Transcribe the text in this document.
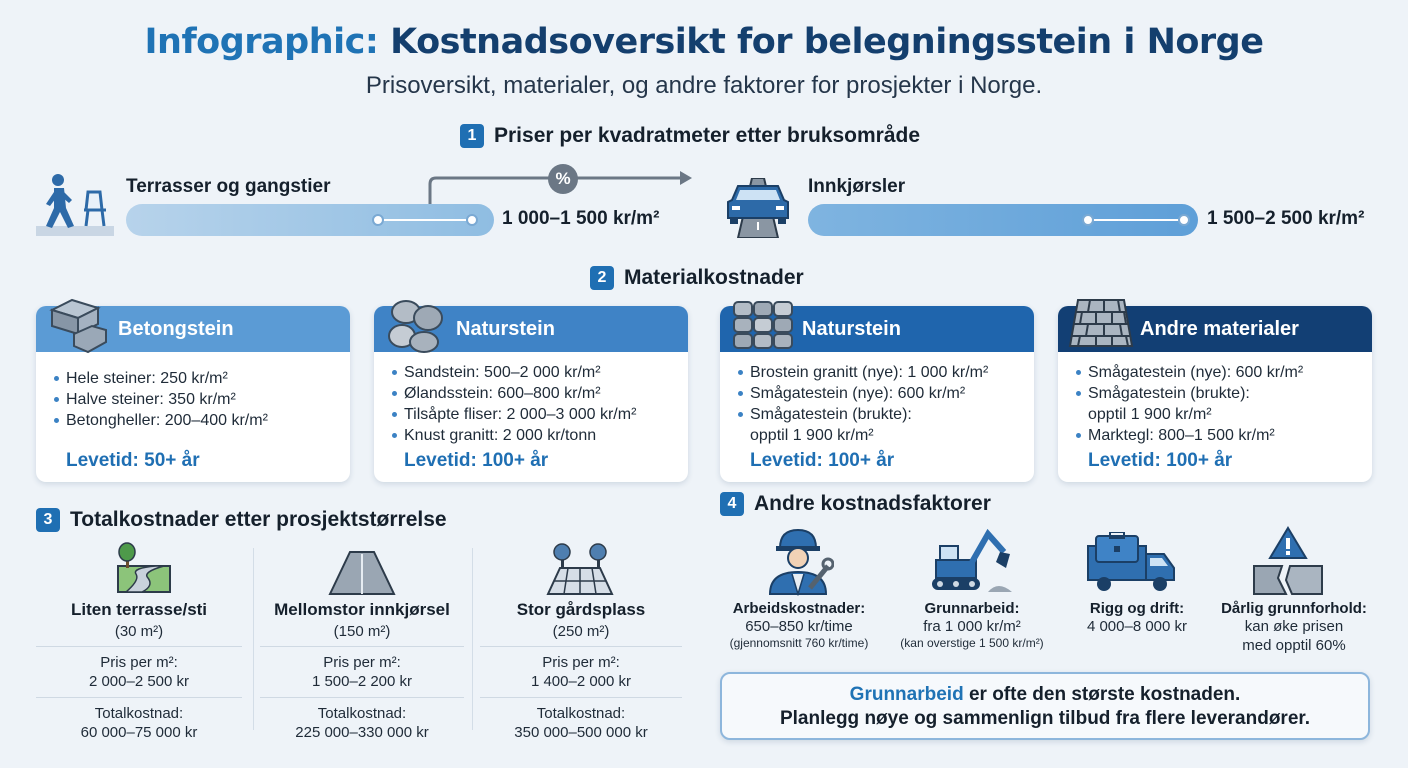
Infographic: Kostnadsoversikt for belegningsstein i Norge
Prisoversikt, materialer, og andre faktorer for prosjekter i Norge.
1 Priser per kvadratmeter etter bruksområde
Terrasser og gangstier
1 000–1 500 kr/m²
%	Innkjørsler
1 500–2 500 kr/m²
2 Materialkostnader
Betongstein
Hele steiner: 250 kr/m²
Halve steiner: 350 kr/m²
Betongheller: 200–400 kr/m²
Levetid: 50+ år
Naturstein
Sandstein: 500–2 000 kr/m²
Ølandsstein: 600–800 kr/m²
Tilsåpte fliser: 2 000–3 000 kr/m²
Knust granitt: 2 000 kr/tonn
Levetid: 100+ år
Naturstein
Brostein granitt (nye): 1 000 kr/m²
Smågatestein (nye): 600 kr/m²
Smågatestein (brukte):
opptil 1 900 kr/m²
Levetid: 100+ år
Andre materialer
Smågatestein (nye): 600 kr/m²
Smågatestein (brukte):
opptil 1 900 kr/m²
Marktegl: 800–1 500 kr/m²
Levetid: 100+ år
3 Totalkostnader etter prosjektstørrelse
Liten terrasse/sti
(30 m²)
Pris per m²:
2 000–2 500 kr
Totalkostnad:
60 000–75 000 kr
Mellomstor innkjørsel
(150 m²)
Pris per m²:
1 500–2 200 kr
Totalkostnad:
225 000–330 000 kr
Stor gårdsplass
(250 m²)
Pris per m²:
1 400–2 000 kr
Totalkostnad:
350 000–500 000 kr
4 Andre kostnadsfaktorer
Arbeidskostnader:
650–850 kr/time
(gjennomsnitt 760 kr/time)
Grunnarbeid:
fra 1 000 kr/m²
(kan overstige 1 500 kr/m²)
Rigg og drift:
4 000–8 000 kr
Dårlig grunnforhold:
kan øke prisen
med opptil 60%
Grunnarbeid er ofte den største kostnaden.
Planlegg nøye og sammenlign tilbud fra flere leverandører.
